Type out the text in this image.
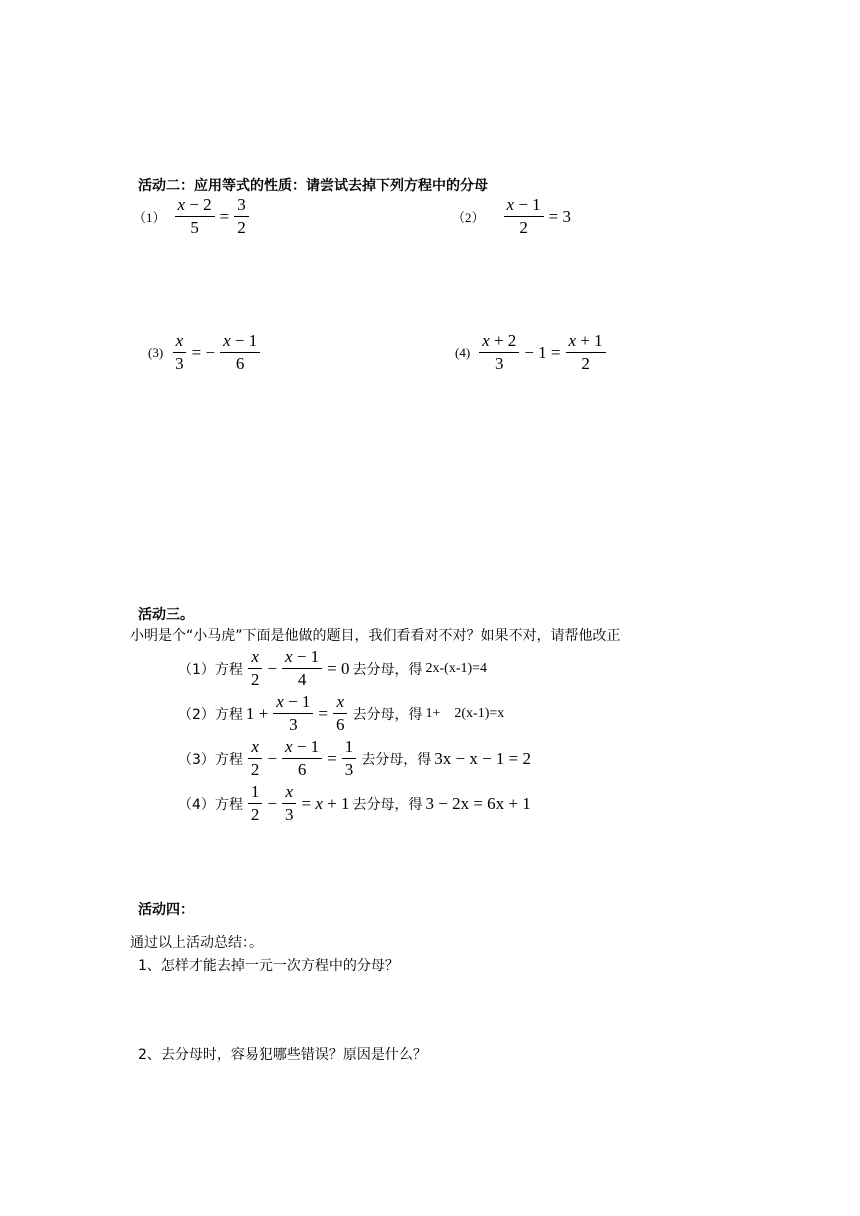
活动二：应用等式的性质：请尝试去掉下列方程中的分母
$(1) \frac{x - 2}{5} = \frac{3}{2}$	$(2) \frac{x - 1}{2} = 3$
$(3) \frac{x}{3}$ = − $\frac{x - 1}{6}$	$(4) \frac{x + 2}{3} - 1 = \frac{x + 1}{2}$
活动三。
小明是个“小马虎”下面是他做的题目，我们看看对不对？如果不对，请帮他改正
（1）方程 $\frac{x}{2} - \frac{x - 1}{4} = 0$ 去分母，得 2x-(x-1)=4
（2）方程 $1 + \frac{x - 1}{3} = \frac{x}{6}$ 去分母，得 1+    2(x-1)=x
（3）方程 $\frac{x}{2} - \frac{x - 1}{6} = \frac{1}{3}$ 去分母，得 3x − x − 1 = 2
（4）方程 $\frac{1}{2} - \frac{x}{3} = x + 1$ 去分母，得 3 − 2x = 6x + 1
活动四：
通过以上活动总结：。
1、怎样才能去掉一元一次方程中的分母？
2、去分母时，容易犯哪些错误？原因是什么？
